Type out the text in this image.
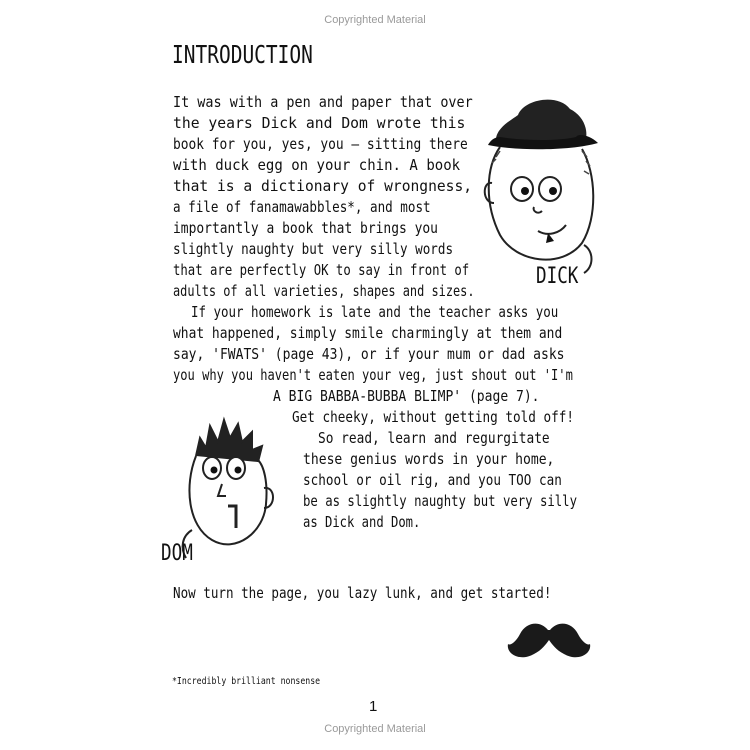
Copyrighted Material
INTRODUCTION
It was with a pen and paper that over
the years Dick and Dom wrote this
book for you, yes, you – sitting there
with duck egg on your chin. A book
that is a dictionary of wrongness,
a file of fanamawabbles*, and most
importantly a book that brings you
slightly naughty but very silly words
that are perfectly OK to say in front of
adults of all varieties, shapes and sizes.
If your homework is late and the teacher asks you
what happened, simply smile charmingly at them and
say, 'FWATS' (page 43), or if your mum or dad asks
you why you haven't eaten your veg, just shout out 'I'm
A BIG BABBA-BUBBA BLIMP' (page 7).
Get cheeky, without getting told off!
So read, learn and regurgitate
these genius words in your home,
school or oil rig, and you TOO can
be as slightly naughty but very silly
as Dick and Dom.
Now turn the page, you lazy lunk, and get started!
DICK
DOM
*Incredibly brilliant nonsense
1
Copyrighted Material
